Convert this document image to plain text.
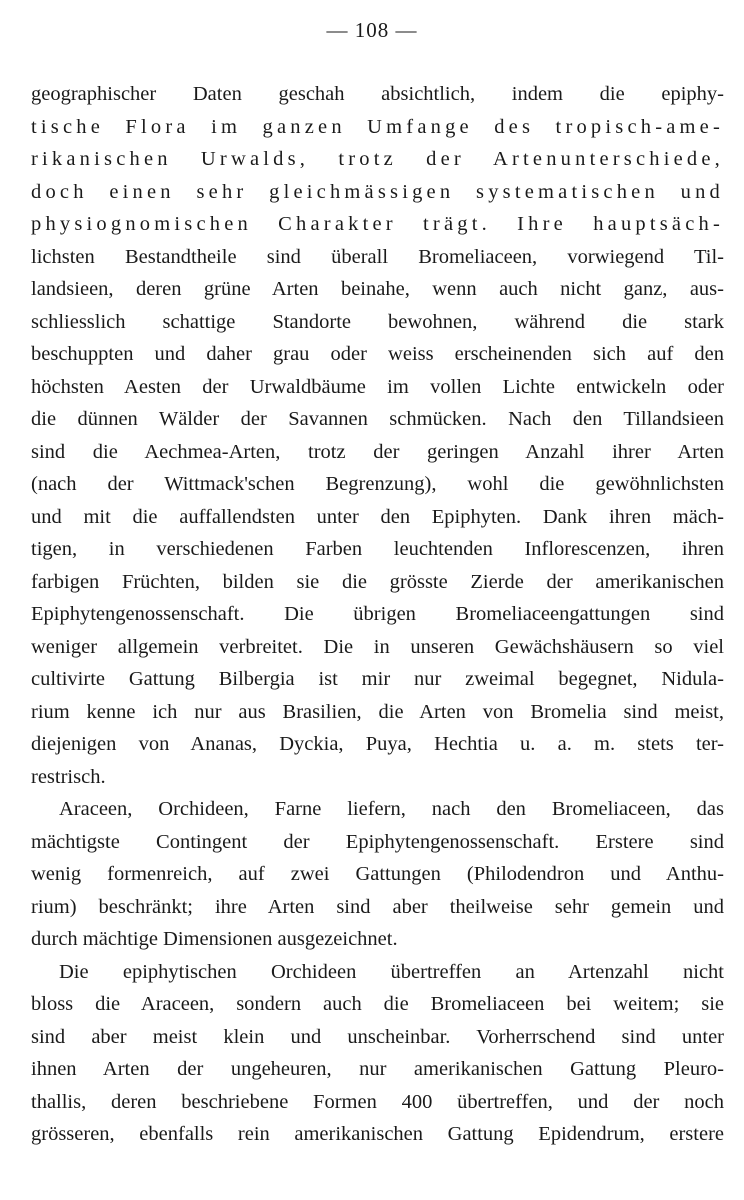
— 108 —
geographischer Daten geschah absichtlich, indem die epiphy-
tische Flora im ganzen Umfange des tropisch-ame-
rikanischen Urwalds, trotz der Artenunterschiede,
doch einen sehr gleichmässigen systematischen und
physiognomischen Charakter trägt. Ihre hauptsäch-
lichsten Bestandtheile sind überall Bromeliaceen, vorwiegend Til-
landsieen, deren grüne Arten beinahe, wenn auch nicht ganz, aus-
schliesslich schattige Standorte bewohnen, während die stark
beschuppten und daher grau oder weiss erscheinenden sich auf den
höchsten Aesten der Urwaldbäume im vollen Lichte entwickeln oder
die dünnen Wälder der Savannen schmücken. Nach den Tillandsieen
sind die Aechmea-Arten, trotz der geringen Anzahl ihrer Arten
(nach der Wittmack'schen Begrenzung), wohl die gewöhnlichsten
und mit die auffallendsten unter den Epiphyten. Dank ihren mäch-
tigen, in verschiedenen Farben leuchtenden Inflorescenzen, ihren
farbigen Früchten, bilden sie die grösste Zierde der amerikanischen
Epiphytengenossenschaft. Die übrigen Bromeliaceengattungen sind
weniger allgemein verbreitet. Die in unseren Gewächshäusern so viel
cultivirte Gattung Bilbergia ist mir nur zweimal begegnet, Nidula-
rium kenne ich nur aus Brasilien, die Arten von Bromelia sind meist,
diejenigen von Ananas, Dyckia, Puya, Hechtia u. a. m. stets ter-
restrisch.
Araceen, Orchideen, Farne liefern, nach den Bromeliaceen, das
mächtigste Contingent der Epiphytengenossenschaft. Erstere sind
wenig formenreich, auf zwei Gattungen (Philodendron und Anthu-
rium) beschränkt; ihre Arten sind aber theilweise sehr gemein und
durch mächtige Dimensionen ausgezeichnet.
Die epiphytischen Orchideen übertreffen an Artenzahl nicht
bloss die Araceen, sondern auch die Bromeliaceen bei weitem; sie
sind aber meist klein und unscheinbar. Vorherrschend sind unter
ihnen Arten der ungeheuren, nur amerikanischen Gattung Pleuro-
thallis, deren beschriebene Formen 400 übertreffen, und der noch
grösseren, ebenfalls rein amerikanischen Gattung Epidendrum, erstere
